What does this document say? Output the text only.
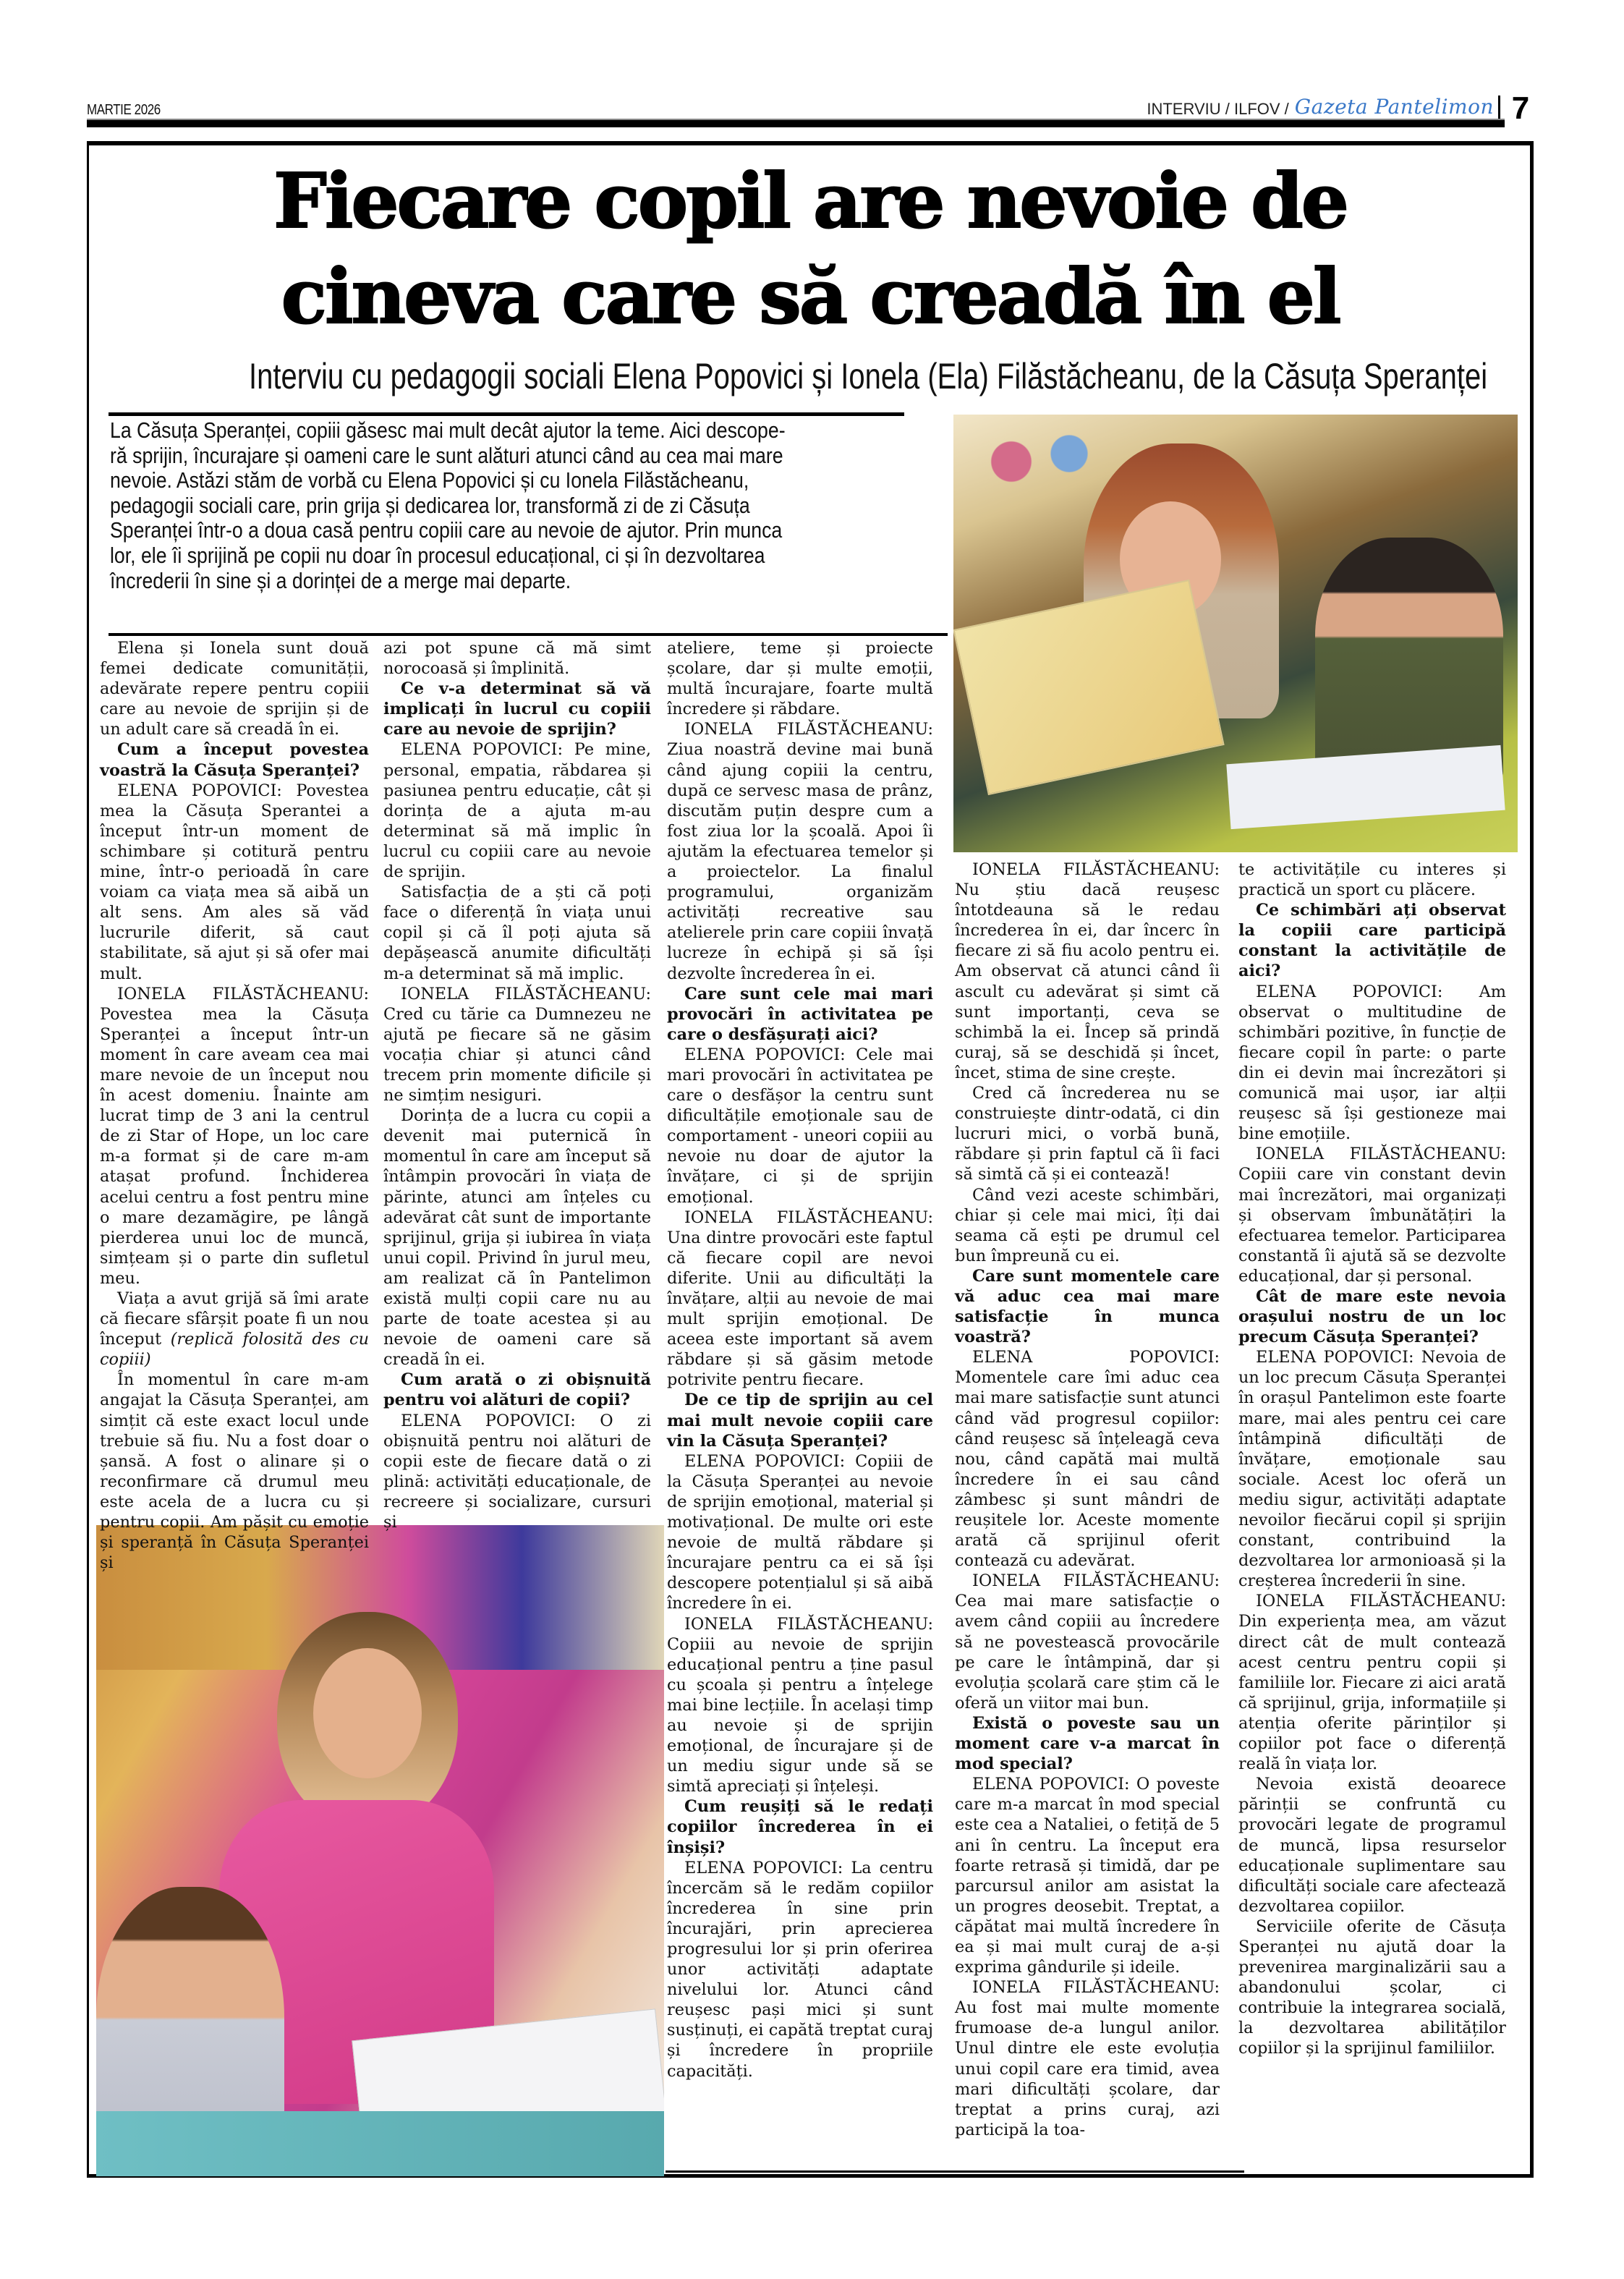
MARTIE 2026	INTERVIU / ILFOV / Gazeta Pantelimon 7
Fiecare copil are nevoie de
cineva care să creadă în el
Interviu cu pedagogii sociali Elena Popovici și Ionela (Ela) Filăstăcheanu, de la Căsuța Speranței
La Căsuța Speranței, copiii găsesc mai mult decât ajutor la teme. Aici descope-
ră sprijin, încurajare și oameni care le sunt alături atunci când au cea mai mare
nevoie. Astăzi stăm de vorbă cu Elena Popovici și cu Ionela Filăstăcheanu,
pedagogii sociali care, prin grija și dedicarea lor, transformă zi de zi Căsuța
Speranței într-o a doua casă pentru copiii care au nevoie de ajutor. Prin munca
lor, ele îi sprijină pe copii nu doar în procesul educațional, ci și în dezvoltarea
încrederii în sine și a dorinței de a merge mai departe.

Elena și Ionela sunt două femei dedicate comunității, adevărate repere pentru copiii care au nevoie de sprijin și de un adult care să creadă în ei.

Cum a început povestea voastră la Căsuța Speranței?

ELENA POPOVICI: Povestea mea la Căsuța Sperantei a început într-un moment de schimbare și cotitură pentru mine, într-o perioadă în care voiam ca viața mea să aibă un alt sens. Am ales să văd lucrurile diferit, să caut stabilitate, să ajut și să ofer mai mult.

IONELA FILĂSTĂCHEANU: Povestea mea la Căsuța Speranței a început într-un moment în care aveam cea mai mare nevoie de un început nou în acest domeniu. Înainte am lucrat timp de 3 ani la centrul de zi Star of Hope, un loc care m-a format și de care m-am atașat profund. Închiderea acelui centru a fost pentru mine o mare dezamăgire, pe lângă pierderea unui loc de muncă, simțeam și o parte din sufletul meu.

Viața a avut grijă să îmi arate că fiecare sfârșit poate fi un nou început (replică folosită des cu copiii)

În momentul în care m-am angajat la Căsuța Speranței, am simțit că este exact locul unde trebuie să fiu. Nu a fost doar o șansă. A fost o alinare și o reconfirmare că drumul meu este acela de a lucra cu și pentru copii. Am pășit cu emoție și speranță în Căsuța Speranței și

azi pot spune că mă simt norocoasă și împlinită.

Ce v-a determinat să vă implicați în lucrul cu copiii care au nevoie de sprijin?

ELENA POPOVICI: Pe mine, personal, empatia, răbdarea și pasiunea pentru educație, cât și dorința de a ajuta m-au determinat să mă implic în lucrul cu copiii care au nevoie de sprijin.

Satisfacția de a ști că poți face o diferență în viața unui copil și că îl poți ajuta să depășească anumite dificultăți m-a determinat să mă implic.

IONELA FILĂSTĂCHEANU: Cred cu tărie ca Dumnezeu ne ajută pe fiecare să ne găsim vocația chiar și atunci când trecem prin momente dificile și ne simțim nesiguri.

Dorința de a lucra cu copii a devenit mai puternică în momentul în care am început să întâmpin provocări în viața de părinte, atunci am înțeles cu adevărat cât sunt de importante sprijinul, grija și iubirea în viața unui copil. Privind în jurul meu, am realizat că în Pantelimon există mulți copii care nu au parte de toate acestea și au nevoie de oameni care să creadă în ei.

Cum arată o zi obișnuită pentru voi alături de copii?

ELENA POPOVICI: O zi obișnuită pentru noi alături de copii este de fiecare dată o zi plină: activități educaționale, de recreere și socializare, cursuri și

ateliere, teme și proiecte școlare, dar și multe emoții, multă încurajare, foarte multă încredere și răbdare.

IONELA FILĂSTĂCHEANU: Ziua noastră devine mai bună când ajung copiii la centru, după ce servesc masa de prânz, discutăm puțin despre cum a fost ziua lor la școală. Apoi îi ajutăm la efectuarea temelor și a proiectelor. La finalul programului, organizăm activități recreative sau atelierele prin care copiii învață lucreze în echipă și să își dezvolte încrederea în ei.

Care sunt cele mai mari provocări în activitatea pe care o desfășurați aici?

ELENA POPOVICI: Cele mai mari provocări în activitatea pe care o desfășor la centru sunt dificultățile emoționale sau de comportament - uneori copiii au nevoie nu doar de ajutor la învățare, ci și de sprijin emoțional.

IONELA FILĂSTĂCHEANU: Una dintre provocări este faptul că fiecare copil are nevoi diferite. Unii au dificultăți la învățare, alții au nevoie de mai mult sprijin emoțional. De aceea este important să avem răbdare și să găsim metode potrivite pentru fiecare.

De ce tip de sprijin au cel mai mult nevoie copiii care vin la Căsuța Speranței?

ELENA POPOVICI: Copiii de la Căsuța Speranței au nevoie de sprijin emoțional, material și motivațional. De multe ori este nevoie de multă răbdare și încurajare pentru ca ei să își descopere potențialul și să aibă încredere în ei.

IONELA FILĂSTĂCHEANU: Copiii au nevoie de sprijin educațional pentru a ține pasul cu școala și pentru a înțelege mai bine lecțiile. În același timp au nevoie și de sprijin emoțional, de încurajare și de un mediu sigur unde să se simtă apreciați și înțeleși.

Cum reușiți să le redați copiilor încrederea în ei înșiși?

ELENA POPOVICI: La centru încercăm să le redăm copiilor încrederea în sine prin încurajări, prin aprecierea progresului lor și prin oferirea unor activități adaptate nivelului lor. Atunci când reușesc pași mici și sunt susținuți, ei capătă treptat curaj și încredere în propriile capacități.

IONELA FILĂSTĂCHEANU: Nu știu dacă reușesc întotdeauna să le redau încrederea în ei, dar încerc în fiecare zi să fiu acolo pentru ei. Am observat că atunci când îi ascult cu adevărat și simt că sunt importanți, ceva se schimbă la ei. Încep să prindă curaj, să se deschidă și încet, încet, stima de sine crește.

Cred că încrederea nu se construiește dintr-odată, ci din lucruri mici, o vorbă bună, răbdare și prin faptul că îi faci să simtă că și ei contează!

Când vezi aceste schimbări, chiar și cele mai mici, îți dai seama că ești pe drumul cel bun împreună cu ei.

Care sunt momentele care vă aduc cea mai mare satisfacție în munca voastră?

ELENA POPOVICI: Momentele care îmi aduc cea mai mare satisfacție sunt atunci când văd progresul copiilor: când reușesc să înțeleagă ceva nou, când capătă mai multă încredere în ei sau când zâmbesc și sunt mândri de reușitele lor. Aceste momente arată că sprijinul oferit contează cu adevărat.

IONELA FILĂSTĂCHEANU: Cea mai mare satisfacție o avem când copiii au încredere să ne povestească provocările pe care le întâmpină, dar și evoluția școlară care știm că le oferă un viitor mai bun.

Există o poveste sau un moment care v-a marcat în mod special?

ELENA POPOVICI: O poveste care m-a marcat în mod special este cea a Nataliei, o fetiță de 5 ani în centru. La început era foarte retrasă și timidă, dar pe parcursul anilor am asistat la un progres deosebit. Treptat, a căpătat mai multă încredere în ea și mai mult curaj de a-și exprima gândurile și ideile.

IONELA FILĂSTĂCHEANU: Au fost mai multe momente frumoase de-a lungul anilor. Unul dintre ele este evoluția unui copil care era timid, avea mari dificultăți școlare, dar treptat a prins curaj, azi participă la toa-

te activitățile cu interes și practică un sport cu plăcere.

Ce schimbări ați observat la copiii care participă constant la activitățile de aici?

ELENA POPOVICI: Am observat o multitudine de schimbări pozitive, în funcție de fiecare copil în parte: o parte din ei devin mai încrezători și comunică mai ușor, iar alții reușesc să își gestioneze mai bine emoțiile.

IONELA FILĂSTĂCHEANU: Copiii care vin constant devin mai încrezători, mai organizați și observam îmbunătățiri la efectuarea temelor. Participarea constantă îi ajută să se dezvolte educațional, dar și personal.

Cât de mare este nevoia orașului nostru de un loc precum Căsuța Speranței?

ELENA POPOVICI: Nevoia de un loc precum Căsuța Speranței în orașul Pantelimon este foarte mare, mai ales pentru cei care întâmpină dificultăți de învățare, emoționale sau sociale. Acest loc oferă un mediu sigur, activități adaptate nevoilor fiecărui copil și sprijin constant, contribuind la dezvoltarea lor armonioasă și la creșterea încrederii în sine.

IONELA FILĂSTĂCHEANU: Din experiența mea, am văzut direct cât de mult contează acest centru pentru copii și familiile lor. Fiecare zi aici arată că sprijinul, grija, informațiile și atenția oferite părinților și copiilor pot face o diferență reală în viața lor.

Nevoia există deoarece părinții se confruntă cu provocări legate de programul de muncă, lipsa resurselor educaționale suplimentare sau dificultăți sociale care afectează dezvoltarea copiilor.

Serviciile oferite de Căsuța Speranței nu ajută doar la prevenirea marginalizării sau a abandonului școlar, ci contribuie la integrarea socială, la dezvoltarea abilităților copiilor și la sprijinul familiilor.
